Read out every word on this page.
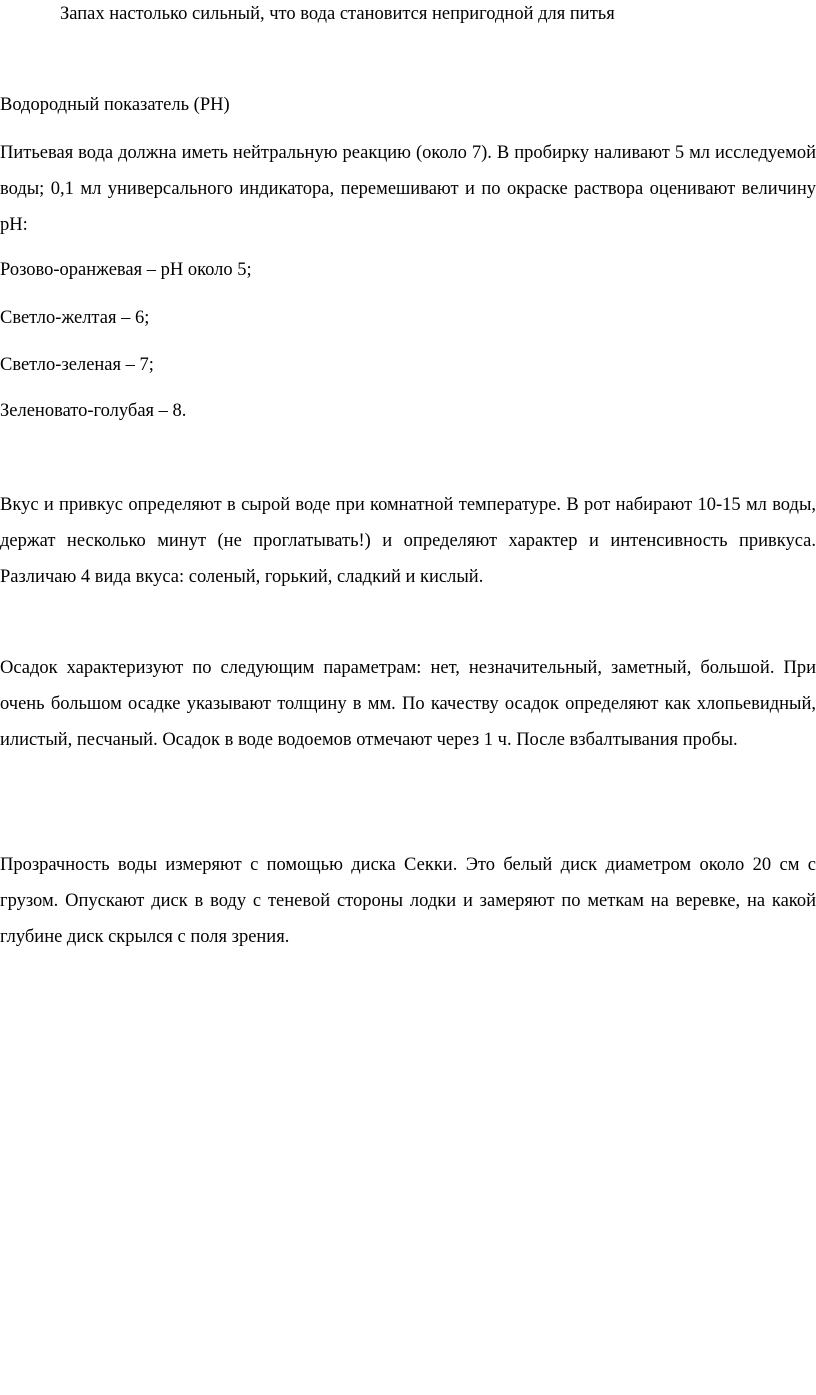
Запах настолько сильный, что вода становится непригодной для питья

Водородный показатель (РН)

Питьевая вода должна иметь нейтральную реакцию (около 7). В пробирку наливают 5 мл исследуемой воды; 0,1 мл универсального индикатора, перемешивают и по окраске раствора оценивают величину рН:

Розово-оранжевая – рН около 5;

Светло-желтая – 6;

Светло-зеленая – 7;

Зеленовато-голубая – 8.

Вкус и привкус определяют в сырой воде при комнатной температуре. В рот набирают 10-15 мл воды, держат несколько минут (не проглатывать!) и определяют характер и интенсивность привкуса. Различаю 4 вида вкуса: соленый, горький, сладкий и кислый.

Осадок характеризуют по следующим параметрам: нет, незначительный, заметный, большой. При очень большом осадке указывают толщину в мм. По качеству осадок определяют как хлопьевидный, илистый, песчаный. Осадок в воде водоемов отмечают через 1 ч. После взбалтывания пробы.

Прозрачность воды измеряют с помощью диска Секки. Это белый диск диаметром около 20 см с грузом. Опускают диск в воду с теневой стороны лодки и замеряют по меткам на веревке, на какой глубине диск скрылся с поля зрения.
